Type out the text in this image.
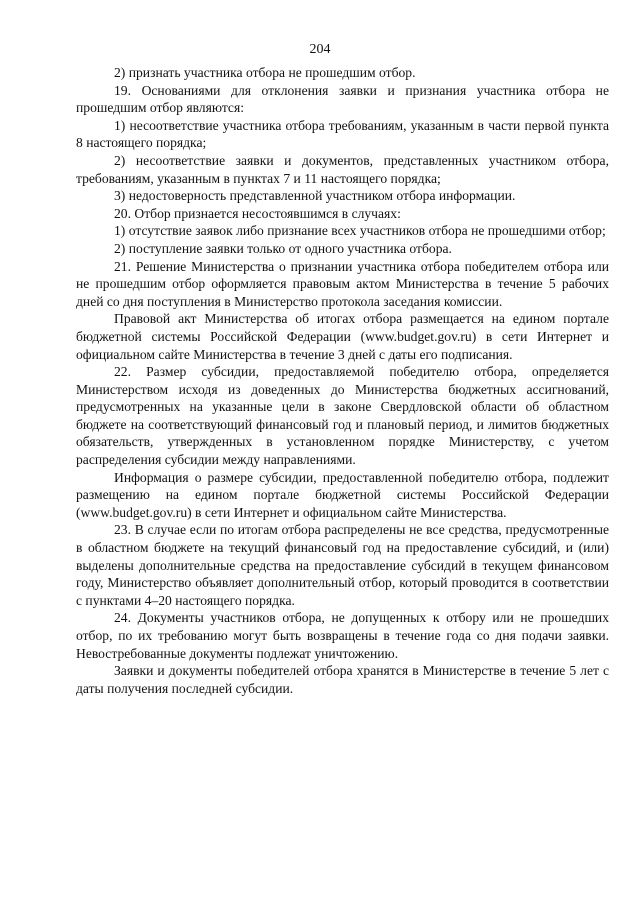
204

2) признать участника отбора не прошедшим отбор.

19. Основаниями для отклонения заявки и признания участника отбора не прошедшим отбор являются:

1) несоответствие участника отбора требованиям, указанным в части первой пункта 8 настоящего порядка;

2) несоответствие заявки и документов, представленных участником отбора, требованиям, указанным в пунктах 7 и 11 настоящего порядка;

3) недостоверность представленной участником отбора информации.

20. Отбор признается несостоявшимся в случаях:

1) отсутствие заявок либо признание всех участников отбора не прошедшими отбор;

2) поступление заявки только от одного участника отбора.

21. Решение Министерства о признании участника отбора победителем отбора или не прошедшим отбор оформляется правовым актом Министерства в течение 5 рабочих дней со дня поступления в Министерство протокола заседания комиссии.

Правовой акт Министерства об итогах отбора размещается на едином портале бюджетной системы Российской Федерации (www.budget.gov.ru) в сети Интернет и официальном сайте Министерства в течение 3 дней с даты его подписания.

22. Размер субсидии, предоставляемой победителю отбора, определяется Министерством исходя из доведенных до Министерства бюджетных ассигнований, предусмотренных на указанные цели в законе Свердловской области об областном бюджете на соответствующий финансовый год и плановый период, и лимитов бюджетных обязательств, утвержденных в установленном порядке Министерству, с учетом распределения субсидии между направлениями.

Информация о размере субсидии, предоставленной победителю отбора, подлежит размещению на едином портале бюджетной системы Российской Федерации (www.budget.gov.ru) в сети Интернет и официальном сайте Министерства.

23. В случае если по итогам отбора распределены не все средства, предусмотренные в областном бюджете на текущий финансовый год на предоставление субсидий, и (или) выделены дополнительные средства на предоставление субсидий в текущем финансовом году, Министерство объявляет дополнительный отбор, который проводится в соответствии с пунктами 4–20 настоящего порядка.

24. Документы участников отбора, не допущенных к отбору или не прошедших отбор, по их требованию могут быть возвращены в течение года со дня подачи заявки. Невостребованные документы подлежат уничтожению.

Заявки и документы победителей отбора хранятся в Министерстве в течение 5 лет с даты получения последней субсидии.
